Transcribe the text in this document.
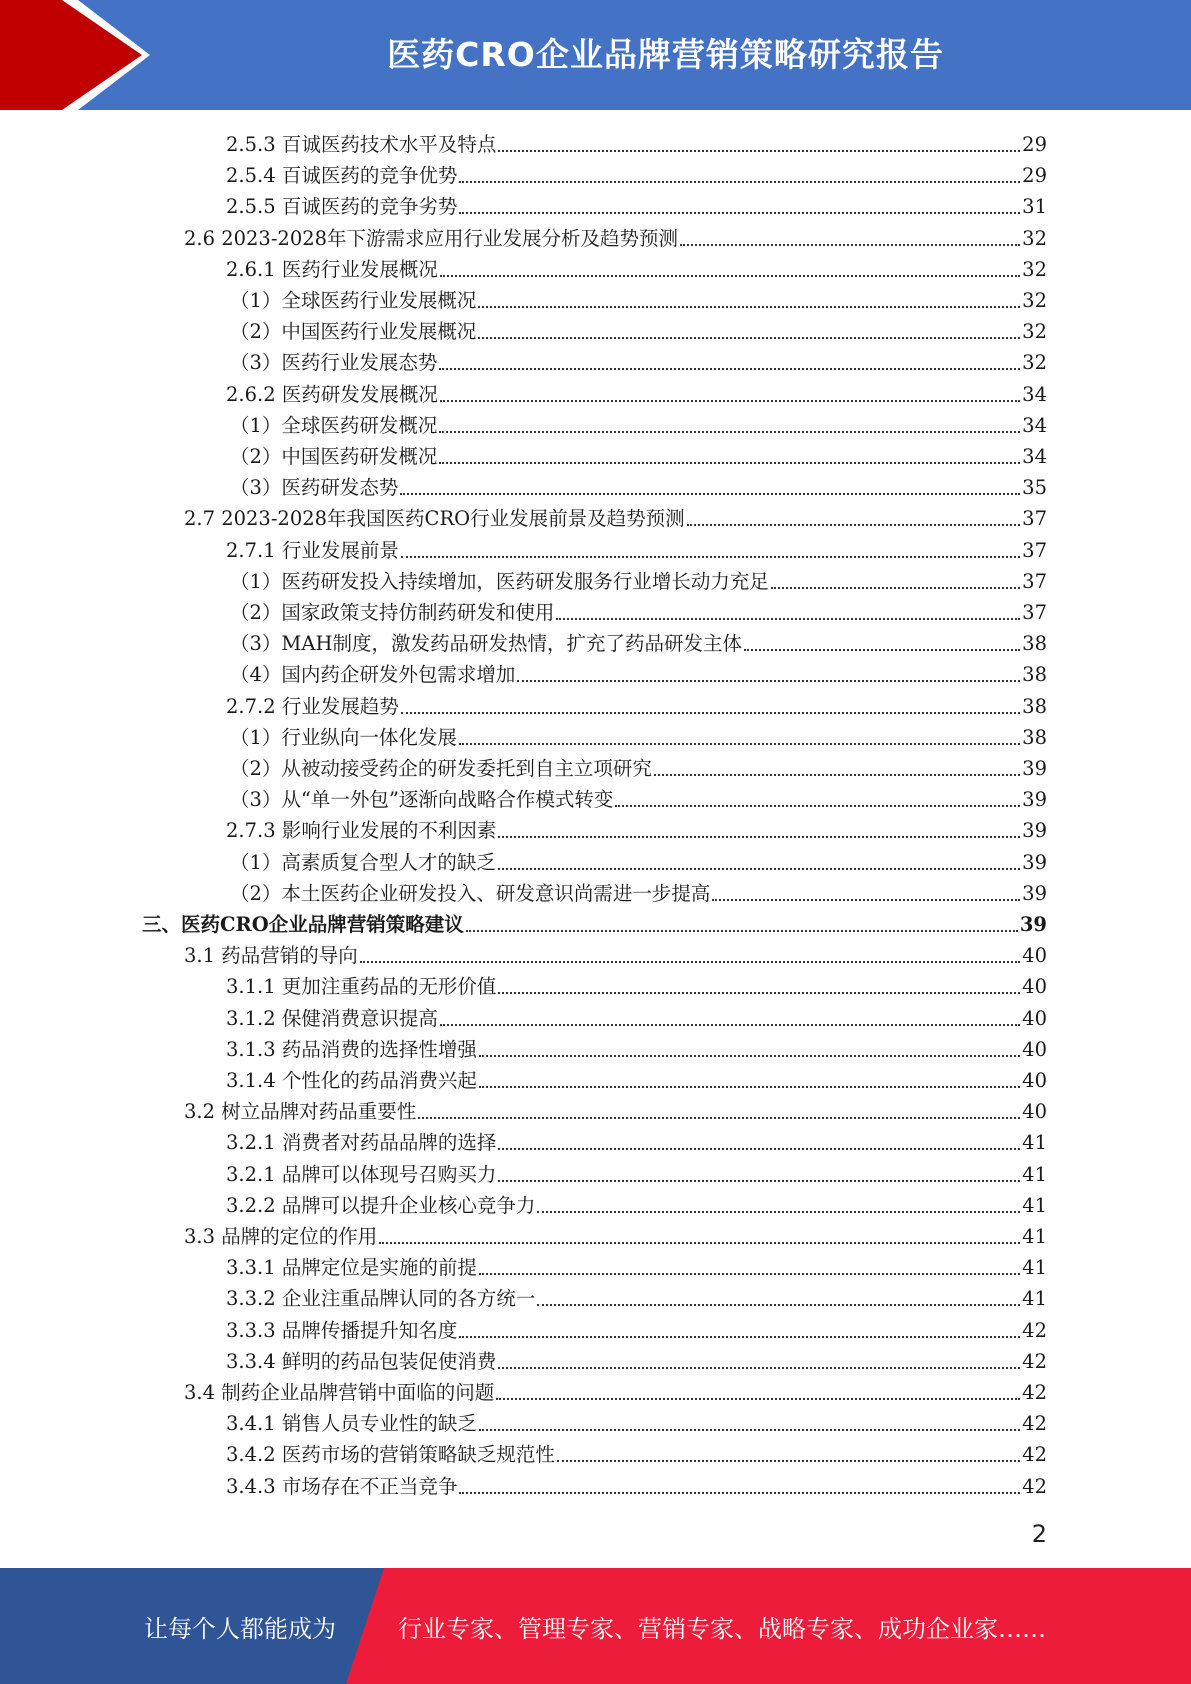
医药CRO企业品牌营销策略研究报告
2.5.3 百诚医药技术水平及特点	29
2.5.4 百诚医药的竞争优势	29
2.5.5 百诚医药的竞争劣势	31
2.6 2023-2028年下游需求应用行业发展分析及趋势预测	32
2.6.1 医药行业发展概况	32
（1）全球医药行业发展概况	32
（2）中国医药行业发展概况	32
（3）医药行业发展态势	32
2.6.2 医药研发发展概况	34
（1）全球医药研发概况	34
（2）中国医药研发概况	34
（3）医药研发态势	35
2.7 2023-2028年我国医药CRO行业发展前景及趋势预测	37
2.7.1 行业发展前景	37
（1）医药研发投入持续增加，医药研发服务行业增长动力充足	37
（2）国家政策支持仿制药研发和使用	37
（3）MAH制度，激发药品研发热情，扩充了药品研发主体	38
（4）国内药企研发外包需求增加	38
2.7.2 行业发展趋势	38
（1）行业纵向一体化发展	38
（2）从被动接受药企的研发委托到自主立项研究	39
（3）从“单一外包”逐渐向战略合作模式转变	39
2.7.3 影响行业发展的不利因素	39
（1）高素质复合型人才的缺乏	39
（2）本土医药企业研发投入、研发意识尚需进一步提高	39
三、医药CRO企业品牌营销策略建议	39
3.1 药品营销的导向	40
3.1.1 更加注重药品的无形价值	40
3.1.2 保健消费意识提高	40
3.1.3 药品消费的选择性增强	40
3.1.4 个性化的药品消费兴起	40
3.2 树立品牌对药品重要性	40
3.2.1 消费者对药品品牌的选择	41
3.2.1 品牌可以体现号召购买力	41
3.2.2 品牌可以提升企业核心竞争力	41
3.3 品牌的定位的作用	41
3.3.1 品牌定位是实施的前提	41
3.3.2 企业注重品牌认同的各方统一	41
3.3.3 品牌传播提升知名度	42
3.3.4 鲜明的药品包装促使消费	42
3.4 制药企业品牌营销中面临的问题	42
3.4.1 销售人员专业性的缺乏	42
3.4.2 医药市场的营销策略缺乏规范性	42
3.4.3 市场存在不正当竞争	42
2
让每个人都能成为	行业专家、管理专家、营销专家、战略专家、成功企业家……
